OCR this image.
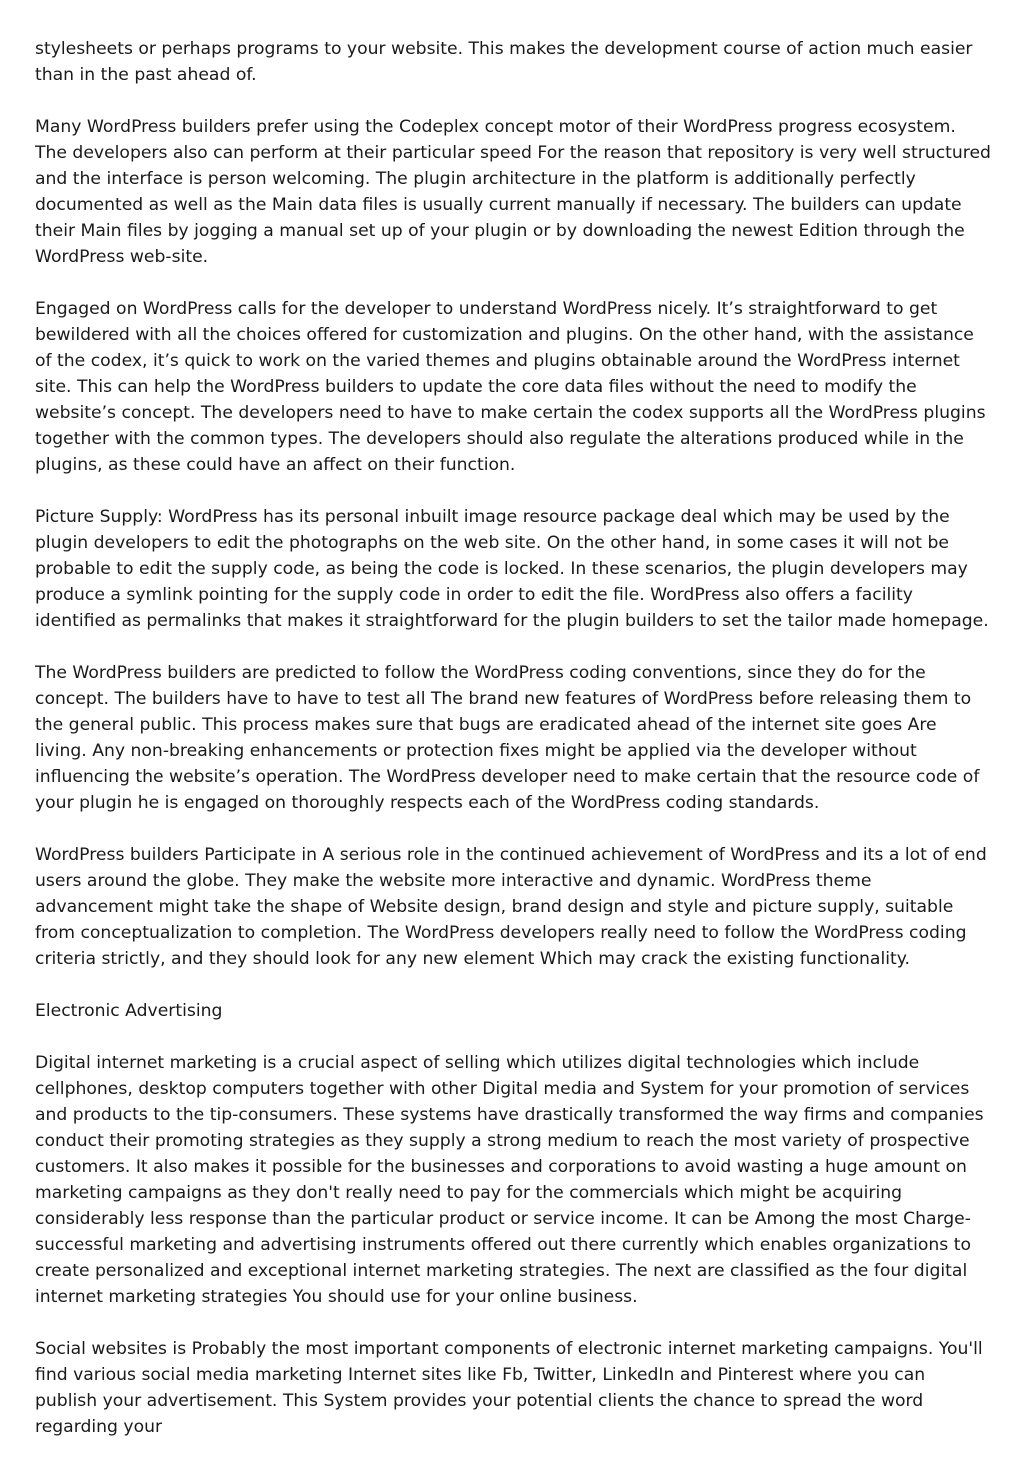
stylesheets or perhaps programs to your website. This makes the development course of action much easier than in the past ahead of.

Many WordPress builders prefer using the Codeplex concept motor of their WordPress progress ecosystem. The developers also can perform at their particular speed For the reason that repository is very well structured and the interface is person welcoming. The plugin architecture in the platform is additionally perfectly documented as well as the Main data files is usually current manually if necessary. The builders can update their Main files by jogging a manual set up of your plugin or by downloading the newest Edition through the WordPress web-site.

Engaged on WordPress calls for the developer to understand WordPress nicely. It’s straightforward to get bewildered with all the choices offered for customization and plugins. On the other hand, with the assistance of the codex, it’s quick to work on the varied themes and plugins obtainable around the WordPress internet site. This can help the WordPress builders to update the core data files without the need to modify the website’s concept. The developers need to have to make certain the codex supports all the WordPress plugins together with the common types. The developers should also regulate the alterations produced while in the plugins, as these could have an affect on their function.

Picture Supply: WordPress has its personal inbuilt image resource package deal which may be used by the plugin developers to edit the photographs on the web site. On the other hand, in some cases it will not be probable to edit the supply code, as being the code is locked. In these scenarios, the plugin developers may produce a symlink pointing for the supply code in order to edit the file. WordPress also offers a facility identified as permalinks that makes it straightforward for the plugin builders to set the tailor made homepage.

The WordPress builders are predicted to follow the WordPress coding conventions, since they do for the concept. The builders have to have to test all The brand new features of WordPress before releasing them to the general public. This process makes sure that bugs are eradicated ahead of the internet site goes Are living. Any non-breaking enhancements or protection fixes might be applied via the developer without influencing the website’s operation. The WordPress developer need to make certain that the resource code of your plugin he is engaged on thoroughly respects each of the WordPress coding standards.

WordPress builders Participate in A serious role in the continued achievement of WordPress and its a lot of end users around the globe. They make the website more interactive and dynamic. WordPress theme advancement might take the shape of Website design, brand design and style and picture supply, suitable from conceptualization to completion. The WordPress developers really need to follow the WordPress coding criteria strictly, and they should look for any new element Which may crack the existing functionality.

Electronic Advertising

Digital internet marketing is a crucial aspect of selling which utilizes digital technologies which include cellphones, desktop computers together with other Digital media and System for your promotion of services and products to the tip-consumers. These systems have drastically transformed the way firms and companies conduct their promoting strategies as they supply a strong medium to reach the most variety of prospective customers. It also makes it possible for the businesses and corporations to avoid wasting a huge amount on marketing campaigns as they don't really need to pay for the commercials which might be acquiring considerably less response than the particular product or service income. It can be Among the most Charge-successful marketing and advertising instruments offered out there currently which enables organizations to create personalized and exceptional internet marketing strategies. The next are classified as the four digital internet marketing strategies You should use for your online business.

Social websites is Probably the most important components of electronic internet marketing campaigns. You'll find various social media marketing Internet sites like Fb, Twitter, LinkedIn and Pinterest where you can publish your advertisement. This System provides your potential clients the chance to spread the word regarding your
